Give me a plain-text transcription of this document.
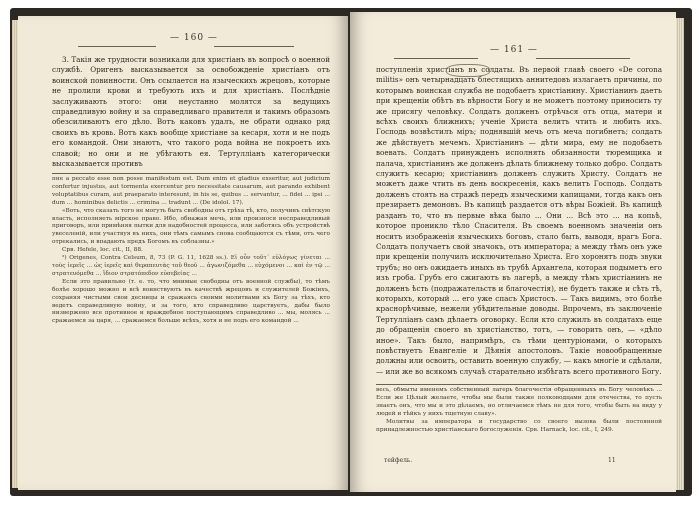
— 160 —

3. Такія же трудности возникали для христіанъ въ вопросѣ о военной службѣ. Оригенъ высказывается за освобожденіе христіанъ отъ воинской повинности. Онъ ссылается на языческихъ жрецовъ, которые не пролили крови и требують ихъ и для христіанъ. Послѣдніе заслуживають этого: они неустанно молятся за ведущихъ справедливую войну и за справедливаго правителя и такимъ образомъ обезсиливаютъ его дѣло. Вотъ каковъ удалъ, не обрати однако ряд своихъ въ кровь. Вотъ какъ вообще христіане за кесаря, хотя и не подъ его командой. Они знаютъ, что такого рода война не покроетъ ихъ славой; но они и не убѣгаютъ ея. Тертулліанъ категорически высказывается противъ

пне a peccato esse non posse manifestum est. Dum enim et gladius exseritur, aut judicium confertur injustus, aut tormenta exercentur pro necessitate causarum, aut parando exhibent voluptatibus curam, aut praeparato interesunt, in his se, quibus ... servantur, ... fidei ... ipsi ... dum ... hominibus delictis ... crimina ... tradunt ... (De idolol. 17).

«Воть, что сказать того не могуть быть свободны отъ грѣха тѣ, кто, получивъ свѣтскую власть, исполняеть мірское право. Ибо, обнажая мечь, или произнося несправедливый приговоръ, или примѣняя пытки для надобностей процесса, или заботясь объ устройствѣ увеселеній, или участвуя въ нихъ, они тѣмъ самымъ снова сообщаются съ тѣми, отъ чего отрекались, и впадають предъ Богомъ въ соблазны.»

Срв. Hefele, loc. cit., II, 88.

²) Origenes, Contra Celsum, 8, 73 (P. G. 11, 1628 ss.). Εἰ οὖν τοῦτ᾿ εὐλόγως γίνεται ... τοὺς ἱερεῖς ... ὡς ἱερεῖς καὶ θεραπευτὰς τοῦ θεοῦ ... ἀγωνιζόμεθα ... εὐχόμενοι ... καὶ ἐν τῷ ... στρατευόμεθα ... ἴδιον στρατόπεδον εὐσεβείας ...

Если это правильно (т. е. то, что мнимые свободны отъ военной службы), то тѣмъ болѣе хорошо можно и всѣ воинствують въ качествѣ жрецовъ и служителей Божіихъ, сохраняя чистыми свои десницы и сражаясь своими молитвами къ Богу за тѣхъ, кто ведетъ справедливую войну, и за того, кто справедливо царствуетъ, дабы было низвержено все противное и враждебное поступающимъ справедливо ... мы, молясь ... сражаемся за царя, ... сражаемся больше всѣхъ, хотя и не подъ его командой ...

— 161 —

поступленія христіанъ въ солдаты. Въ первой главѣ своего «De corona militis» онъ четырнадцать блестящихъ аннитедовъ излагаетъ причины, по которымъ воинская служба не подобаетъ христіанину. Христіанинъ даетъ при крещеніи обѣтъ въ вѣрности Богу и не можетъ поэтому приносить ту же присягу человѣку. Солдатъ долженъ отрѣчься отъ отца, матери и всѣхъ своихъ ближнихъ; ученіе Христа велитъ чтить и любить ихъ. Господь возвѣстилъ міръ; поднявшій мечь отъ меча погибнетъ; солдатъ же дѣйствуетъ мечемъ. Христіанинъ — дѣти мира, ему не подобаетъ воевать. Солдатъ принужденъ исполнять обязанности тюремщика и палача, христіанинъ же долженъ дѣлать ближнему только добро. Солдатъ служитъ кесарю; христіанинъ долженъ служить Христу. Солдатъ не можетъ даже чтить въ день воскресенія, какъ велитъ Господь. Солдатъ долженъ стоять на стражѣ передъ языческими капищами, тогда какъ онъ презираетъ демоновъ. Въ капищѣ раздается отъ вѣры Божіей. Въ капищѣ разданъ то, что въ первые вѣка было ... Они ... Всѣ это ... на копьѣ, которое проникло тѣло Спасителя. Въ своемъ военномъ значеніи онъ носитъ изображенія языческихъ боговъ, стало быть, выводя, врагъ Бога. Солдатъ получаетъ свой значокъ, отъ императора; а между тѣмъ онъ уже при крещеніи получилъ исключительно Христа. Его хоронятъ подъ звуки трубъ; но онъ ожидаетъ иныхъ въ трубѣ Архангела, которая подыметъ его изъ гроба. Грубъ его сжигаютъ въ лагерѣ, а между тѣмъ христіанинъ не долженъ ѣсть (подражательств и благочестія), не будетъ также и сѣть тѣ, которыхъ, который ... его уже спасъ Христосъ. — Такъ видимъ, это болѣе краснорѣчивые, нежели убѣдительные доводы. Впрочемъ, въ заключеніе Тертулліанъ самъ дѣлаетъ оговорку. Если кто служилъ въ солдатахъ еще до обращенія своего въ христіанство, тотъ, — говорить онъ, — «дѣло иное». Такъ было, напримѣръ, съ тѣми центуріонами, о которыхъ повѣствуетъ Евангеліе и Дѣянія апостоловъ. Такіе новообращенные должны или освоить, оставить военную службу, — какъ многіе и сдѣлали, — или же во всякомъ случаѣ старательно избѣгать всего противного Богу.

весь, обмыты именемъ собственный лагерь благочестія обращенныхъ въ Богу человѣкъ ... Если же Цѣлый желаете, чтобы мы были также полководцами для отечества, то пусть знаетъ онъ, что мы и это дѣлаемъ, но отличаемся тѣмъ не для того, чтобы быть на виду у людей и тѣйкъ у нихъ тщетную славу».

Молитвы за императора и государство со своего вызова были постоянной принадлежностью христіанскаго богослуженія. Срв. Harnack, loc. cit., I, 249.

тейфель.	11
